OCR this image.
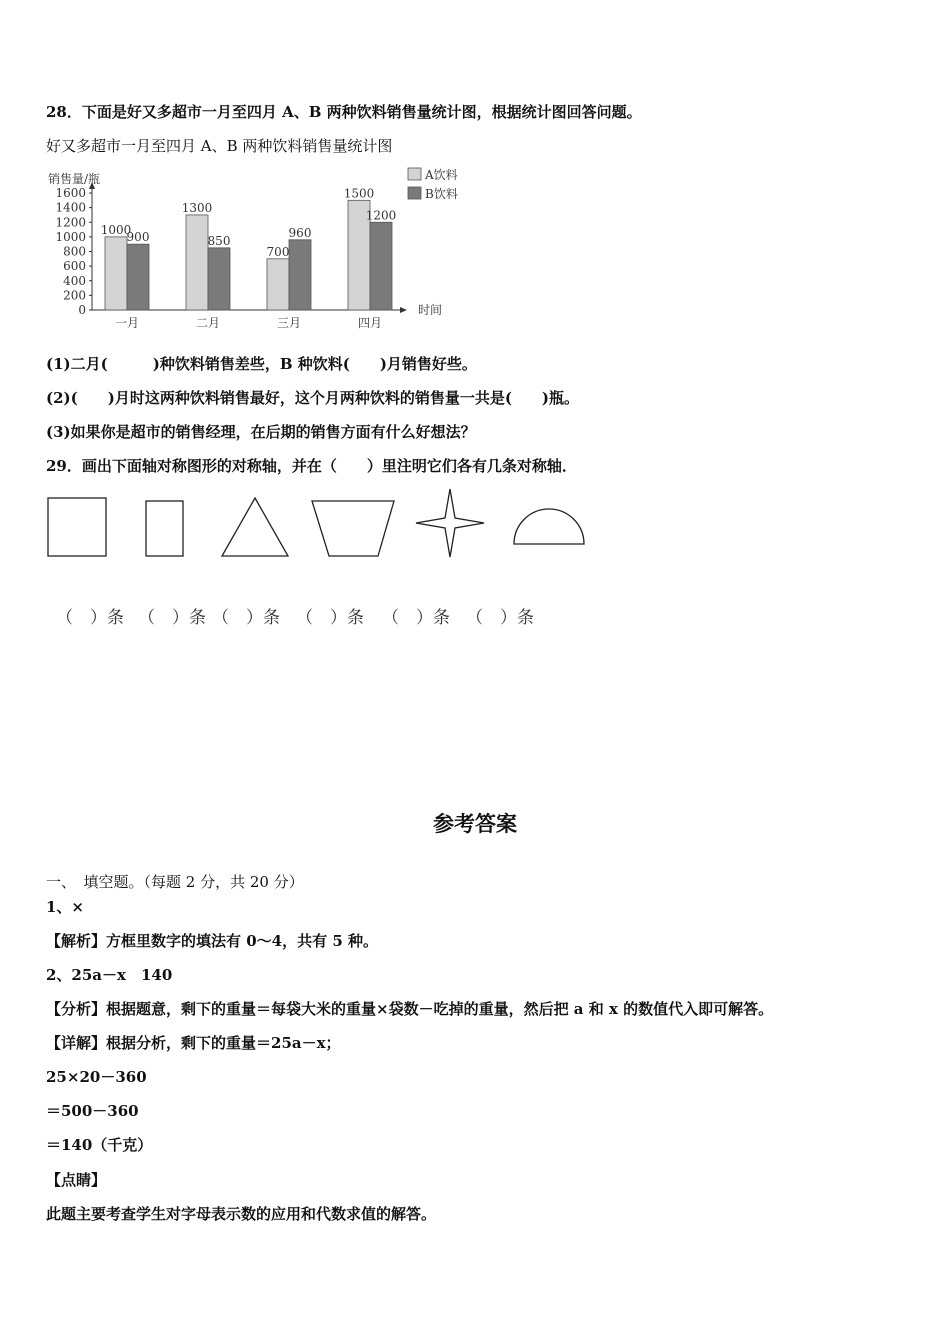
28．下面是好又多超市一月至四月 A、B 两种饮料销售量统计图，根据统计图回答问题。
好又多超市一月至四月 A、B 两种饮料销售量统计图
销售量/瓶
时间
0
200
400
600
800
1000
1200
1400
1600
1000
900
一月
1300
850
二月
700
960
三月
1500
1200
四月
A饮料
B饮料
(1)二月(　　　)种饮料销售差些，B 种饮料(　　)月销售好些。
(2)(　　)月时这两种饮料销售最好，这个月两种饮料的销售量一共是(　　)瓶。
(3)如果你是超市的销售经理，在后期的销售方面有什么好想法？
29．画出下面轴对称图形的对称轴，并在（　　）里注明它们各有几条对称轴．
（　）条 （　）条 （　）条 （　）条 （　）条 （　）条
参考答案
一、　填空题。（每题 2 分，共 20 分）
1、×
【解析】方框里数字的填法有 0～4，共有 5 种。
2、25a－x　140
【分析】根据题意，剩下的重量＝每袋大米的重量×袋数－吃掉的重量，然后把 a 和 x 的数值代入即可解答。
【详解】根据分析，剩下的重量＝25a－x；
25×20－360
＝500－360
＝140（千克）
【点睛】
此题主要考查学生对字母表示数的应用和代数求值的解答。
